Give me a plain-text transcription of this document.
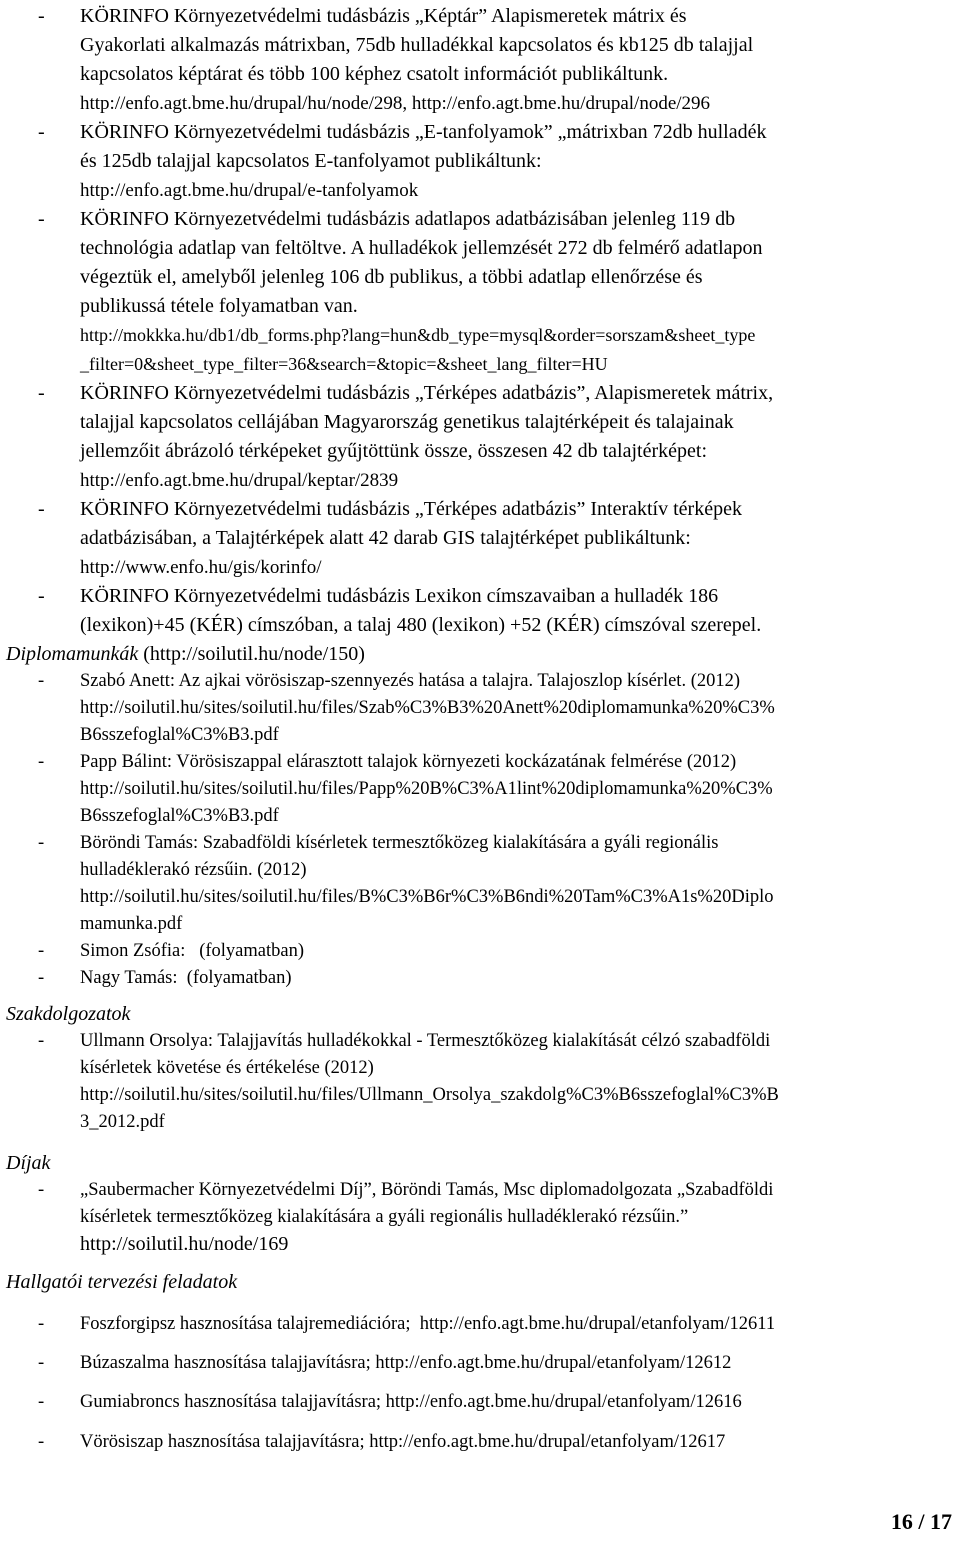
- KÖRINFO Környezetvédelmi tudásbázis „Képtár” Alapismeretek mátrix és
Gyakorlati alkalmazás mátrixban, 75db hulladékkal kapcsolatos és kb125 db talajjal
kapcsolatos képtárat és több 100 képhez csatolt információt publikáltunk.
http://enfo.agt.bme.hu/drupal/hu/node/298, http://enfo.agt.bme.hu/drupal/node/296
- KÖRINFO Környezetvédelmi tudásbázis „E-tanfolyamok” „mátrixban 72db hulladék
és 125db talajjal kapcsolatos E-tanfolyamot publikáltunk:
http://enfo.agt.bme.hu/drupal/e-tanfolyamok
- KÖRINFO Környezetvédelmi tudásbázis adatlapos adatbázisában jelenleg 119 db
technológia adatlap van feltöltve. A hulladékok jellemzését 272 db felmérő adatlapon
végeztük el, amelyből jelenleg 106 db publikus, a többi adatlap ellenőrzése és
publikussá tétele folyamatban van.
http://mokkka.hu/db1/db_forms.php?lang=hun&db_type=mysql&order=sorszam&sheet_type
_filter=0&sheet_type_filter=36&search=&topic=&sheet_lang_filter=HU
- KÖRINFO Környezetvédelmi tudásbázis „Térképes adatbázis”, Alapismeretek mátrix,
talajjal kapcsolatos cellájában Magyarország genetikus talajtérképeit és talajainak
jellemzőit ábrázoló térképeket gyűjtöttünk össze, összesen 42 db talajtérképet:
http://enfo.agt.bme.hu/drupal/keptar/2839
- KÖRINFO Környezetvédelmi tudásbázis „Térképes adatbázis” Interaktív térképek
adatbázisában, a Talajtérképek alatt 42 darab GIS talajtérképet publikáltunk:
http://www.enfo.hu/gis/korinfo/
- KÖRINFO Környezetvédelmi tudásbázis Lexikon címszavaiban a hulladék 186
(lexikon)+45 (KÉR) címszóban, a talaj 480 (lexikon) +52 (KÉR) címszóval szerepel.
Diplomamunkák (http://soilutil.hu/node/150)
- Szabó Anett: Az ajkai vörösiszap-szennyezés hatása a talajra. Talajoszlop kísérlet. (2012)
http://soilutil.hu/sites/soilutil.hu/files/Szab%C3%B3%20Anett%20diplomamunka%20%C3%
B6sszefoglal%C3%B3.pdf
- Papp Bálint: Vörösiszappal elárasztott talajok környezeti kockázatának felmérése (2012)
http://soilutil.hu/sites/soilutil.hu/files/Papp%20B%C3%A1lint%20diplomamunka%20%C3%
B6sszefoglal%C3%B3.pdf
- Böröndi Tamás: Szabadföldi kísérletek termesztőközeg kialakítására a gyáli regionális
hulladéklerakó rézsűin. (2012)
http://soilutil.hu/sites/soilutil.hu/files/B%C3%B6r%C3%B6ndi%20Tam%C3%A1s%20Diplo
mamunka.pdf
- Simon Zsófia:   (folyamatban)
- Nagy Tamás:  (folyamatban)
Szakdolgozatok
- Ullmann Orsolya: Talajjavítás hulladékokkal - Termesztőközeg kialakítását célzó szabadföldi
kísérletek követése és értékelése (2012)
http://soilutil.hu/sites/soilutil.hu/files/Ullmann_Orsolya_szakdolg%C3%B6sszefoglal%C3%B
3_2012.pdf
Díjak
- „Saubermacher Környezetvédelmi Díj”, Böröndi Tamás, Msc diplomadolgozata „Szabadföldi
kísérletek termesztőközeg kialakítására a gyáli regionális hulladéklerakó rézsűin.”
http://soilutil.hu/node/169
Hallgatói tervezési feladatok
- Foszforgipsz hasznosítása talajremediációra;  http://enfo.agt.bme.hu/drupal/etanfolyam/12611
- Búzaszalma hasznosítása talajjavításra; http://enfo.agt.bme.hu/drupal/etanfolyam/12612
- Gumiabroncs hasznosítása talajjavításra; http://enfo.agt.bme.hu/drupal/etanfolyam/12616
- Vörösiszap hasznosítása talajjavításra; http://enfo.agt.bme.hu/drupal/etanfolyam/12617
16 / 17
